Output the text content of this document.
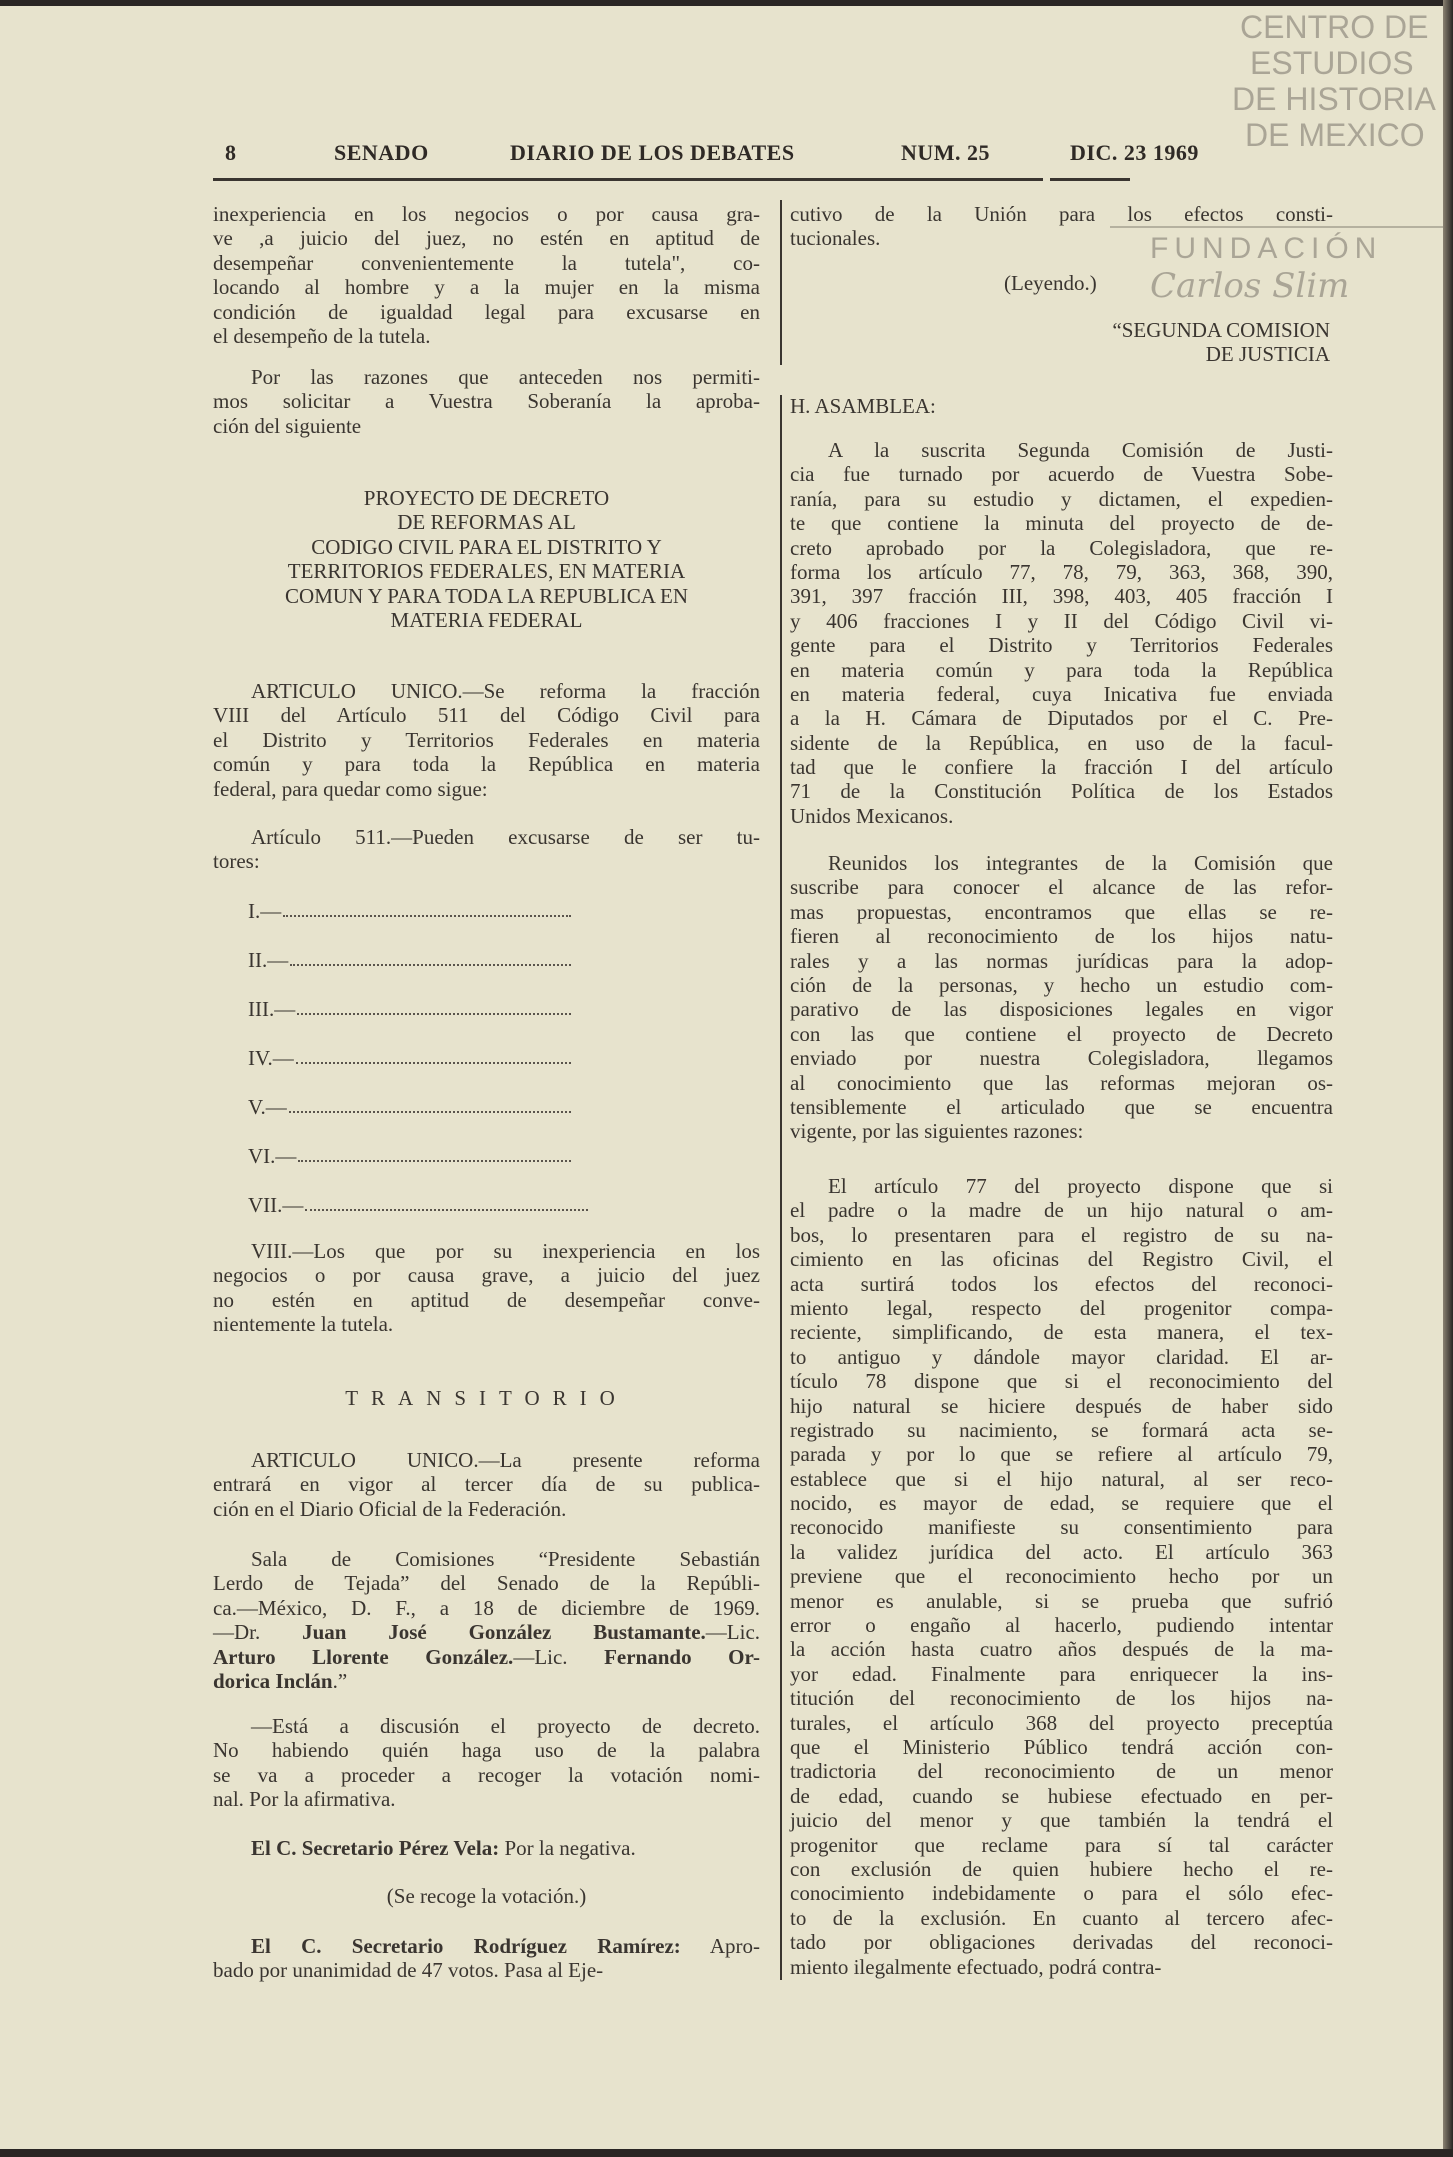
CENTRO DE
ESTUDIOS
DE HISTORIA
DE MEXICO
FUNDACIÓN
Carlos Slim
8	SENADO	DIARIO DE LOS DEBATES	NUM. 25	DIC. 23 1969
inexperiencia en los negocios o por causa gra-
ve ,a juicio del juez, no estén en aptitud de
desempeñar convenientemente la tutela", co-
locando al hombre y a la mujer en la misma
condición de igualdad legal para excusarse en
el desempeño de la tutela.
Por las razones que anteceden nos permiti-
mos solicitar a Vuestra Soberanía la aproba-
ción del siguiente
PROYECTO DE DECRETO
DE REFORMAS AL
CODIGO CIVIL PARA EL DISTRITO Y
TERRITORIOS FEDERALES, EN MATERIA
COMUN Y PARA TODA LA REPUBLICA EN
MATERIA FEDERAL
ARTICULO UNICO.—Se reforma la fracción
VIII del Artículo 511 del Código Civil para
el Distrito y Territorios Federales en materia
común y para toda la República en materia
federal, para quedar como sigue:
Artículo 511.—Pueden excusarse de ser tu-
tores:
I.—
II.—
III.—
IV.—
V.—
VI.—
VII.—
VIII.—Los que por su inexperiencia en los
negocios o por causa grave, a juicio del juez
no estén en aptitud de desempeñar conve-
nientemente la tutela.
TRANSITORIO
ARTICULO UNICO.—La presente reforma
entrará en vigor al tercer día de su publica-
ción en el Diario Oficial de la Federación.
Sala de Comisiones “Presidente Sebastián
Lerdo de Tejada” del Senado de la Repúbli-
ca.—México, D. F., a 18 de diciembre de 1969.
—Dr. Juan José González Bustamante.—Lic.
Arturo Llorente González.—Lic. Fernando Or-
dorica Inclán.”
—Está a discusión el proyecto de decreto.
No habiendo quién haga uso de la palabra
se va a proceder a recoger la votación nomi-
nal. Por la afirmativa.
El C. Secretario Pérez Vela: Por la negativa.
(Se recoge la votación.)
El C. Secretario Rodríguez Ramírez: Apro-
bado por unanimidad de 47 votos. Pasa al Eje-
cutivo de la Unión para los efectos consti-
tucionales.
(Leyendo.)
“SEGUNDA COMISION
DE JUSTICIA
H. ASAMBLEA:
A la suscrita Segunda Comisión de Justi-
cia fue turnado por acuerdo de Vuestra Sobe-
ranía, para su estudio y dictamen, el expedien-
te que contiene la minuta del proyecto de de-
creto aprobado por la Colegisladora, que re-
forma los artículo 77, 78, 79, 363, 368, 390,
391, 397 fracción III, 398, 403, 405 fracción I
y 406 fracciones I y II del Código Civil vi-
gente para el Distrito y Territorios Federales
en materia común y para toda la República
en materia federal, cuya Inicativa fue enviada
a la H. Cámara de Diputados por el C. Pre-
sidente de la República, en uso de la facul-
tad que le confiere la fracción I del artículo
71 de la Constitución Política de los Estados
Unidos Mexicanos.
Reunidos los integrantes de la Comisión que
suscribe para conocer el alcance de las refor-
mas propuestas, encontramos que ellas se re-
fieren al reconocimiento de los hijos natu-
rales y a las normas jurídicas para la adop-
ción de la personas, y hecho un estudio com-
parativo de las disposiciones legales en vigor
con las que contiene el proyecto de Decreto
enviado por nuestra Colegisladora, llegamos
al conocimiento que las reformas mejoran os-
tensiblemente el articulado que se encuentra
vigente, por las siguientes razones:
El artículo 77 del proyecto dispone que si
el padre o la madre de un hijo natural o am-
bos, lo presentaren para el registro de su na-
cimiento en las oficinas del Registro Civil, el
acta surtirá todos los efectos del reconoci-
miento legal, respecto del progenitor compa-
reciente, simplificando, de esta manera, el tex-
to antiguo y dándole mayor claridad. El ar-
tículo 78 dispone que si el reconocimiento del
hijo natural se hiciere después de haber sido
registrado su nacimiento, se formará acta se-
parada y por lo que se refiere al artículo 79,
establece que si el hijo natural, al ser reco-
nocido, es mayor de edad, se requiere que el
reconocido manifieste su consentimiento para
la validez jurídica del acto. El artículo 363
previene que el reconocimiento hecho por un
menor es anulable, si se prueba que sufrió
error o engaño al hacerlo, pudiendo intentar
la acción hasta cuatro años después de la ma-
yor edad. Finalmente para enriquecer la ins-
titución del reconocimiento de los hijos na-
turales, el artículo 368 del proyecto preceptúa
que el Ministerio Público tendrá acción con-
tradictoria del reconocimiento de un menor
de edad, cuando se hubiese efectuado en per-
juicio del menor y que también la tendrá el
progenitor que reclame para sí tal carácter
con exclusión de quien hubiere hecho el re-
conocimiento indebidamente o para el sólo efec-
to de la exclusión. En cuanto al tercero afec-
tado por obligaciones derivadas del reconoci-
miento ilegalmente efectuado, podrá contra-
